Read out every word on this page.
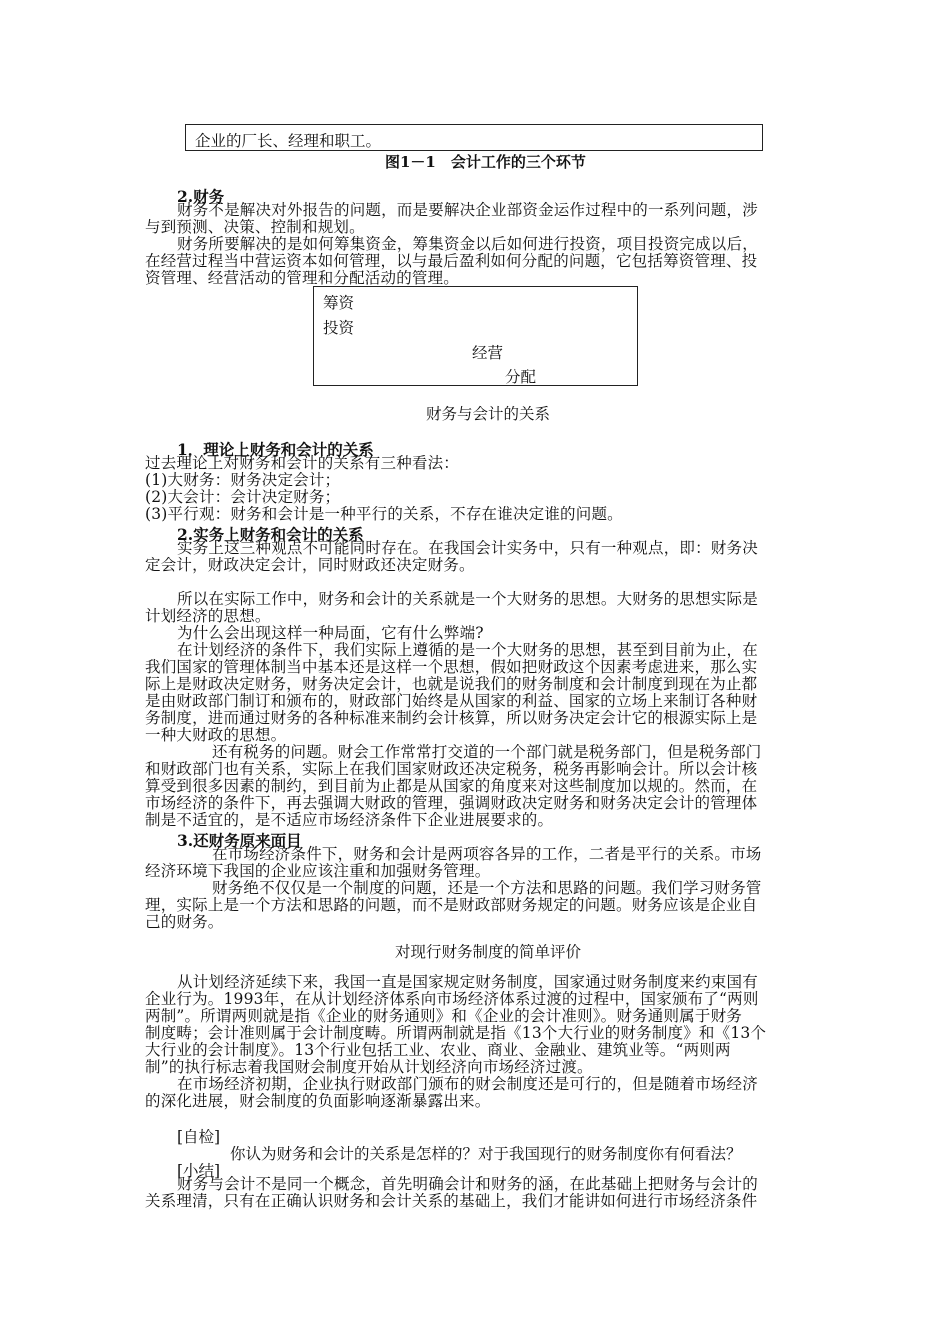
企业的厂长、经理和职工。
图1－1　会计工作的三个环节
2.财务
财务不是解决对外报告的问题，而是要解决企业部资金运作过程中的一系列问题，涉
与到预测、决策、控制和规划。
财务所要解决的是如何筹集资金，筹集资金以后如何进行投资，项目投资完成以后，
在经营过程当中营运资本如何管理，以与最后盈利如何分配的问题，它包括筹资管理、投
资管理、经营活动的管理和分配活动的管理。
筹资
投资
经营
分配
财务与会计的关系
1．理论上财务和会计的关系
过去理论上对财务和会计的关系有三种看法：
(1)大财务：财务决定会计；
(2)大会计：会计决定财务；
(3)平行观：财务和会计是一种平行的关系，不存在谁决定谁的问题。
2.实务上财务和会计的关系
实务上这三种观点不可能同时存在。在我国会计实务中，只有一种观点，即：财务决
定会计，财政决定会计，同时财政还决定财务。
所以在实际工作中，财务和会计的关系就是一个大财务的思想。大财务的思想实际是
计划经济的思想。
为什么会出现这样一种局面，它有什么弊端?
在计划经济的条件下，我们实际上遵循的是一个大财务的思想，甚至到目前为止，在
我们国家的管理体制当中基本还是这样一个思想，假如把财政这个因素考虑进来，那么实
际上是财政决定财务，财务决定会计，也就是说我们的财务制度和会计制度到现在为止都
是由财政部门制订和颁布的，财政部门始终是从国家的利益、国家的立场上来制订各种财
务制度，进而通过财务的各种标准来制约会计核算，所以财务决定会计它的根源实际上是
一种大财政的思想。
还有税务的问题。财会工作常常打交道的一个部门就是税务部门，但是税务部门
和财政部门也有关系，实际上在我们国家财政还决定税务，税务再影响会计。所以会计核
算受到很多因素的制约，到目前为止都是从国家的角度来对这些制度加以规的。然而，在
市场经济的条件下，再去强调大财政的管理，强调财政决定财务和财务决定会计的管理体
制是不适宜的，是不适应市场经济条件下企业进展要求的。
3.还财务原来面目
在市场经济条件下，财务和会计是两项容各异的工作，二者是平行的关系。市场
经济环境下我国的企业应该注重和加强财务管理。
财务绝不仅仅是一个制度的问题，还是一个方法和思路的问题。我们学习财务管
理，实际上是一个方法和思路的问题，而不是财政部财务规定的问题。财务应该是企业自
己的财务。
对现行财务制度的简单评价
从计划经济延续下来，我国一直是国家规定财务制度，国家通过财务制度来约束国有
企业行为。1993年，在从计划经济体系向市场经济体系过渡的过程中，国家颁布了“两则
两制”。所谓两则就是指《企业的财务通则》和《企业的会计准则》。财务通则属于财务
制度畴；会计准则属于会计制度畴。所谓两制就是指《13个大行业的财务制度》和《13个
大行业的会计制度》。13个行业包括工业、农业、商业、金融业、建筑业等。“两则两
制”的执行标志着我国财会制度开始从计划经济向市场经济过渡。
在市场经济初期，企业执行财政部门颁布的财会制度还是可行的，但是随着市场经济
的深化进展，财会制度的负面影响逐渐暴露出来。
[自检]
你认为财务和会计的关系是怎样的？对于我国现行的财务制度你有何看法？
[小结]
财务与会计不是同一个概念，首先明确会计和财务的涵，在此基础上把财务与会计的
关系理清，只有在正确认识财务和会计关系的基础上，我们才能讲如何进行市场经济条件
